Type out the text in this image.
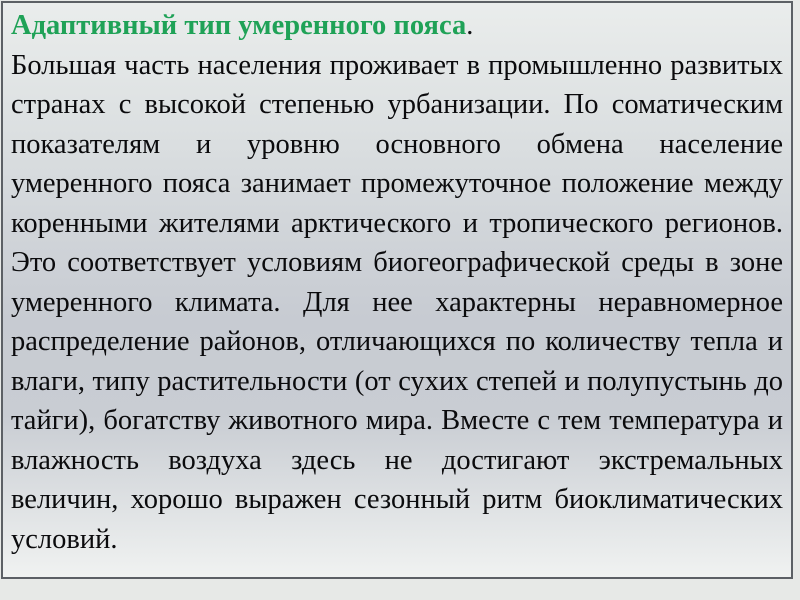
Адаптивный тип умеренного пояса.
Большая часть населения проживает в промышленно развитых странах с высокой степенью урбанизации. По соматическим показателям и уровню основного обмена население умеренного пояса занимает промежуточное положение между коренными жителями арктического и тропического регионов. Это соответствует условиям биогеографической среды в зоне умеренного климата. Для нее характерны неравномерное распределение районов, отличающихся по количеству тепла и влаги, типу растительности (от сухих степей и полупустынь до тайги), богатству животного мира. Вместе с тем температура и влажность воздуха здесь не достигают экстремальных величин, хорошо выражен сезонный ритм биоклиматических условий.
